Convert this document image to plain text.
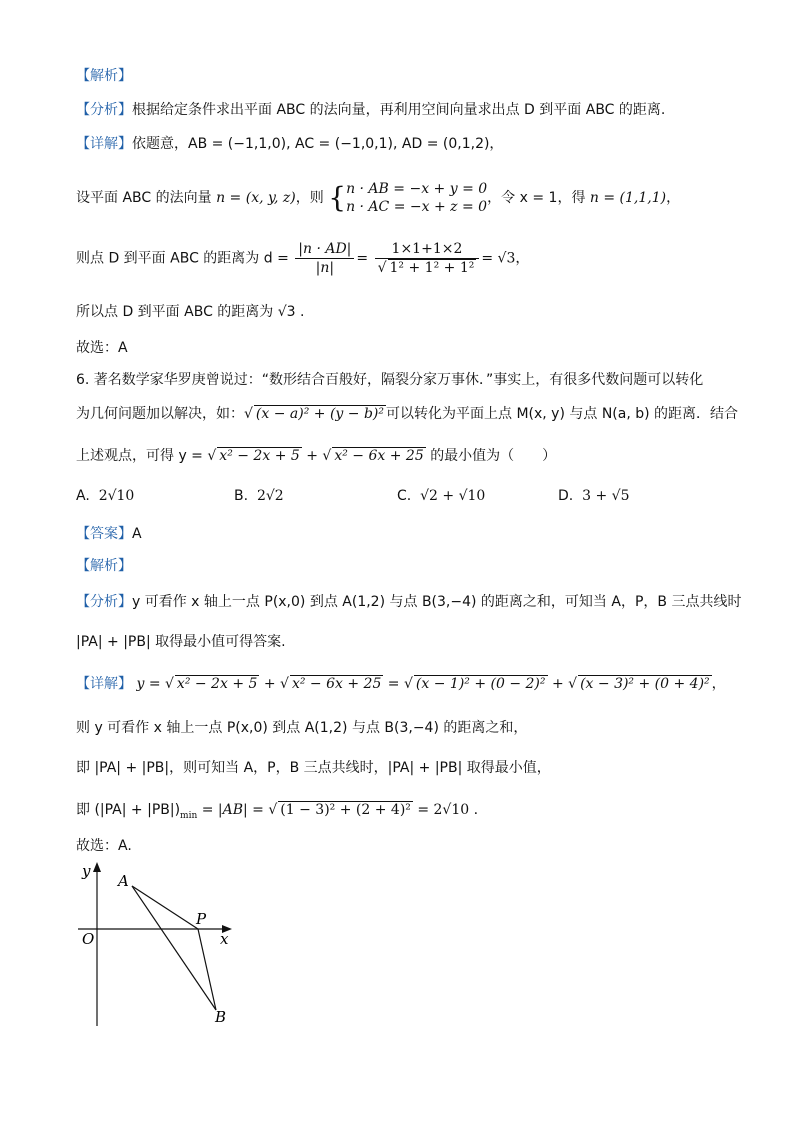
【解析】
【分析】根据给定条件求出平面 ABC 的法向量，再利用空间向量求出点 D 到平面 ABC 的距离.
【详解】依题意，AB = (−1,1,0), AC = (−1,0,1), AD = (0,1,2)，
设平面 ABC 的法向量 n = (x, y, z)，则 { n · AB = −x + y = 0
n · AC = −x + z = 0
，令 x = 1，得 n = (1,1,1)，
则点 D 到平面 ABC 的距离为 $d = \frac{|n \cdot AD|}{|n|} = \frac{1\times 1+1\times 2}{\text{√ 1² + 1² + 1²}} = √3$，
所以点 D 到平面 ABC 的距离为 √3 .
故选：A
6. 著名数学家华罗庚曾说过：“数形结合百般好，隔裂分家万事休．”事实上，有很多代数问题可以转化
为几何问题加以解决，如：√ (x − a)² + (y − b)² 可以转化为平面上点 M(x, y) 与点 N(a, b) 的距离．结合
上述观点，可得 y = √ x² − 2x + 5 + √ x² − 6x + 25 的最小值为（　　）
A. 2√10	B. 2√2	C. √2 + √10	D. 3 + √5
【答案】A
【解析】
【分析】y 可看作 x 轴上一点 P(x,0) 到点 A(1,2) 与点 B(3,−4) 的距离之和，可知当 A，P，B 三点共线时
|PA| + |PB| 取得最小值可得答案.
【详解】 y = √ x² − 2x + 5 + √ x² − 6x + 25 = √ (x − 1)² + (0 − 2)² + √ (x − 3)² + (0 + 4)² ，
则 y 可看作 x 轴上一点 P(x,0) 到点 A(1,2) 与点 B(3,−4) 的距离之和，
即 |PA| + |PB|，则可知当 A，P，B 三点共线时，|PA| + |PB| 取得最小值，
即 $(|PA| + |PB|)_{min} = |AB|$ = √ (1 − 3)² + (2 + 4)² = 2√10 .
故选：A.
y
x
O
A
P
B
